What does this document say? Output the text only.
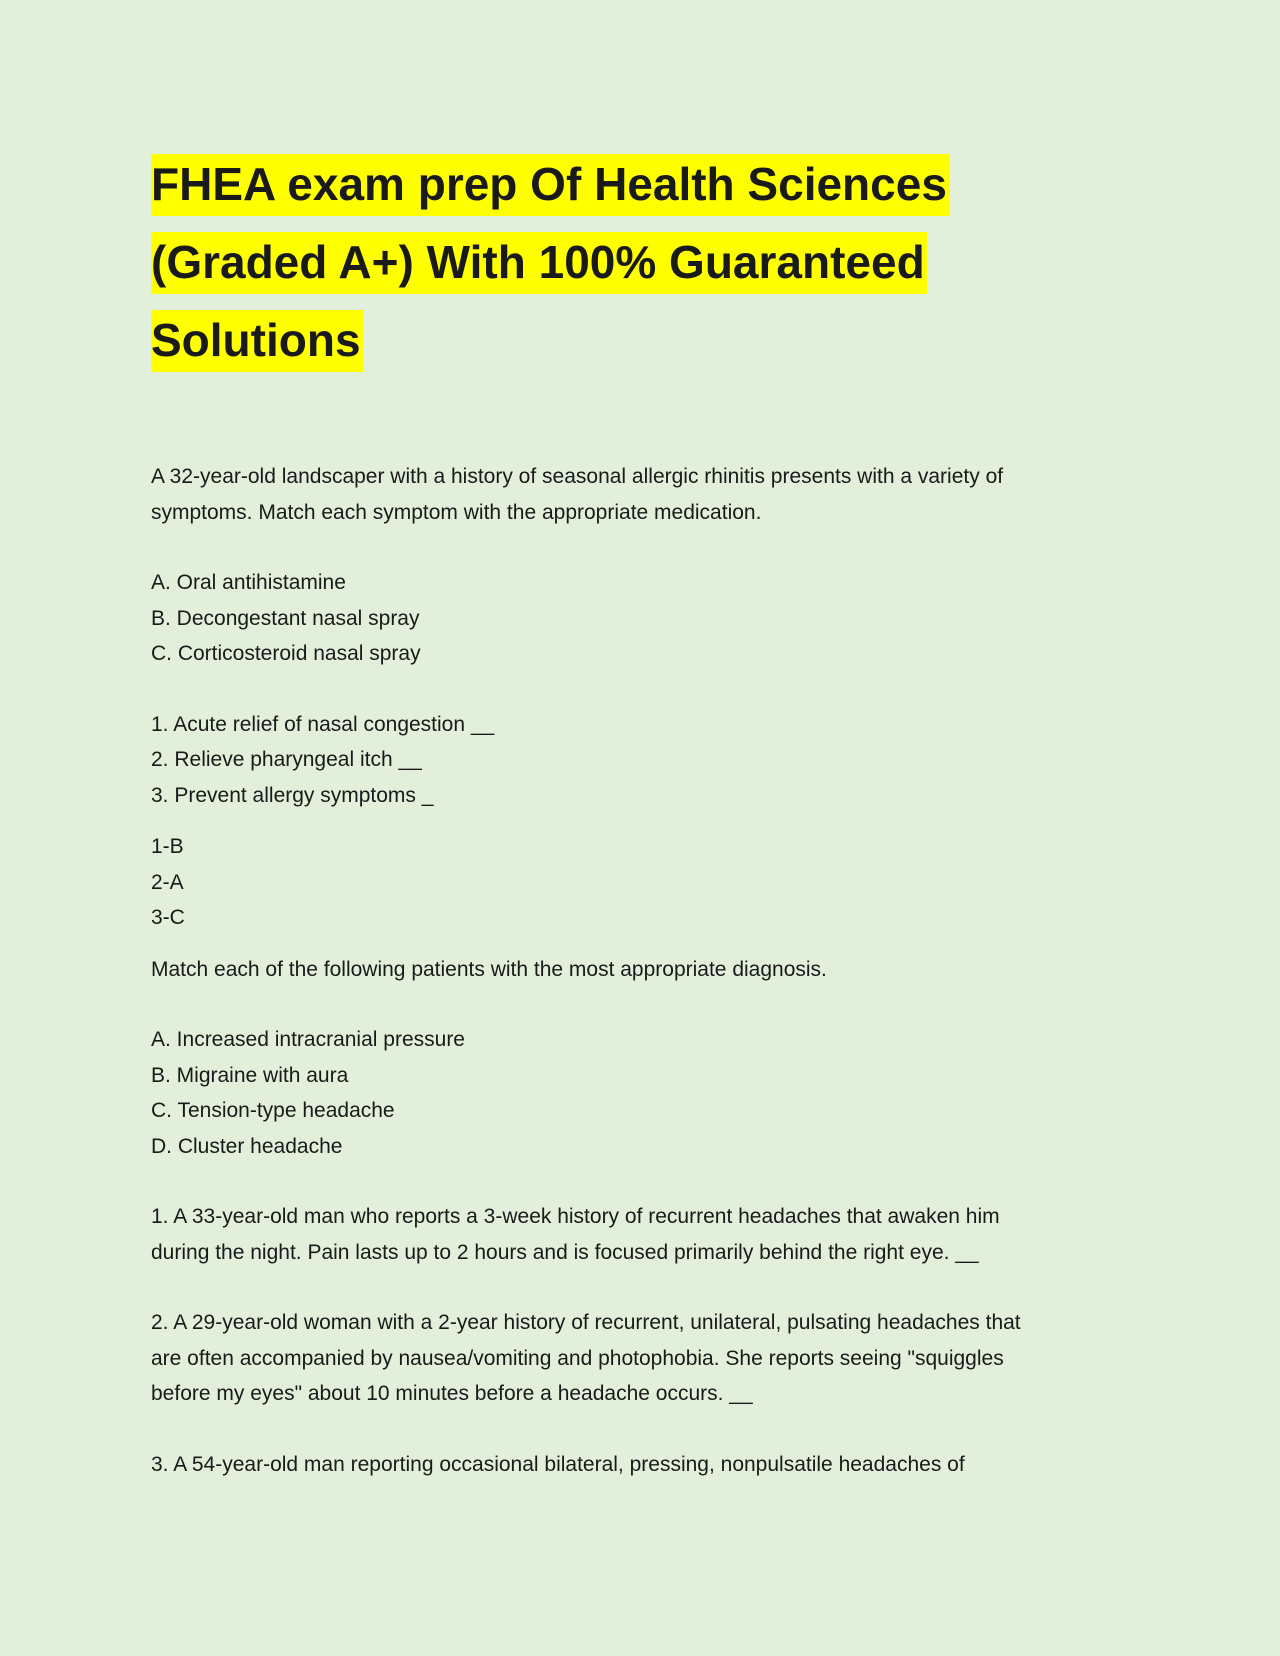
FHEA exam prep Of Health Sciences
(Graded A+) With 100% Guaranteed
Solutions

A 32-year-old landscaper with a history of seasonal allergic rhinitis presents with a variety of
symptoms. Match each symptom with the appropriate medication.

A. Oral antihistamine
B. Decongestant nasal spray
C. Corticosteroid nasal spray
1. Acute relief of nasal congestion __
2. Relieve pharyngeal itch __
3. Prevent allergy symptoms _
1-B
2-A
3-C

Match each of the following patients with the most appropriate diagnosis.

A. Increased intracranial pressure
B. Migraine with aura
C. Tension-type headache
D. Cluster headache

1. A 33-year-old man who reports a 3-week history of recurrent headaches that awaken him
during the night. Pain lasts up to 2 hours and is focused primarily behind the right eye. __

2. A 29-year-old woman with a 2-year history of recurrent, unilateral, pulsating headaches that
are often accompanied by nausea/vomiting and photophobia. She reports seeing "squiggles
before my eyes" about 10 minutes before a headache occurs. __

3. A 54-year-old man reporting occasional bilateral, pressing, nonpulsatile headaches of
